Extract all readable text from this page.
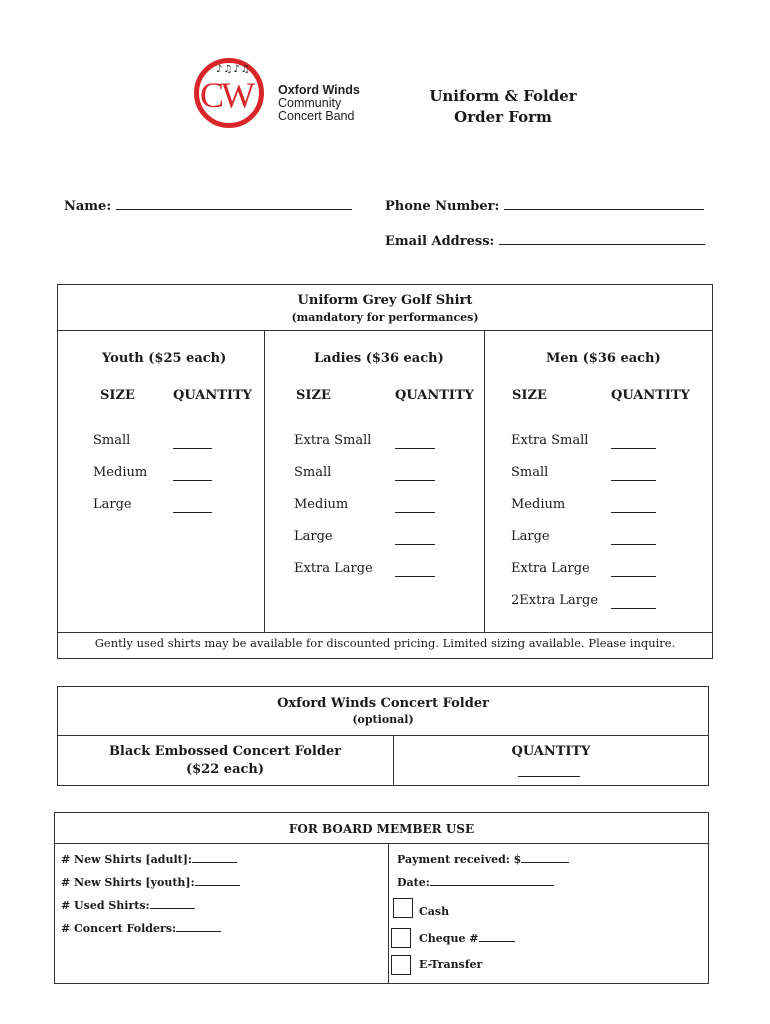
CW
♪♫♪♫
Oxford Winds
Community
Concert Band
Uniform & Folder
Order Form
Name:	Phone Number:
Email Address:
Uniform Grey Golf Shirt
(mandatory for performances)
Youth ($25 each)
SIZE	QUANTITY
Small
Medium
Large
Ladies ($36 each)
SIZE	QUANTITY
Extra Small
Small
Medium
Large
Extra Large
Men ($36 each)
SIZE	QUANTITY
Extra Small
Small
Medium
Large
Extra Large
2Extra Large
Gently used shirts may be available for discounted pricing. Limited sizing available. Please inquire.
Oxford Winds Concert Folder
(optional)
Black Embossed Concert Folder
($22 each)
QUANTITY
FOR BOARD MEMBER USE
# New Shirts [adult]:
# New Shirts [youth]:
# Used Shirts:
# Concert Folders:
Payment received: $
Date:
Cash
Cheque #
E-Transfer
